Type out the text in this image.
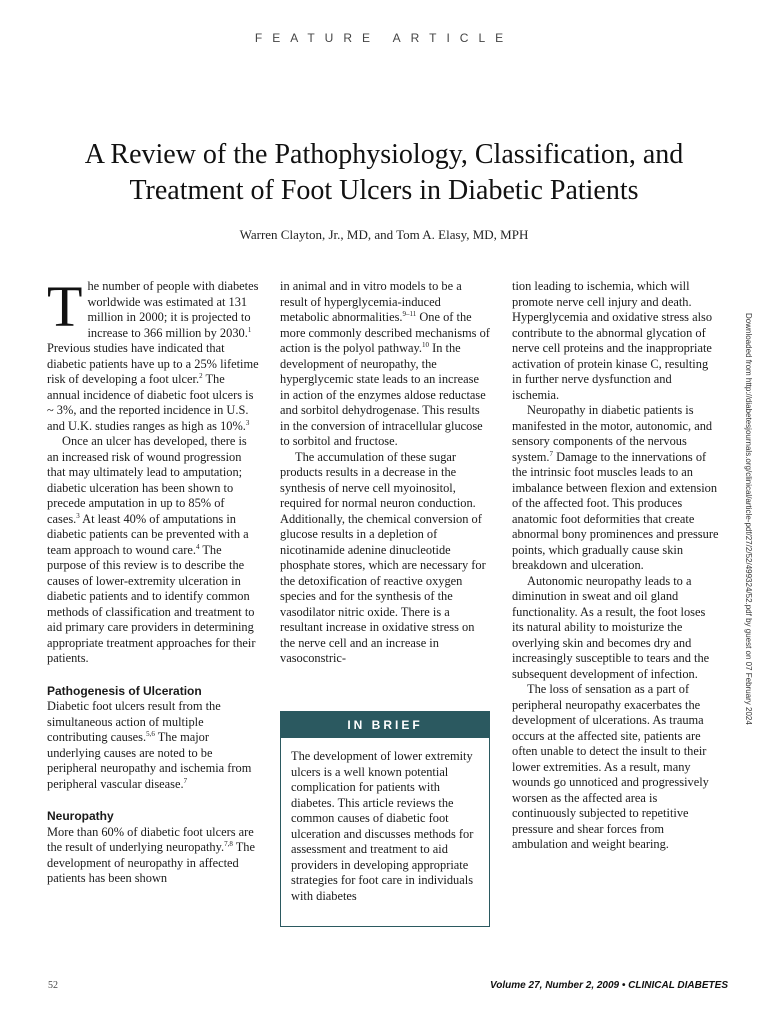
FEATURE ARTICLE
A Review of the Pathophysiology, Classification, and Treatment of Foot Ulcers in Diabetic Patients
Warren Clayton, Jr., MD, and Tom A. Elasy, MD, MPH

The number of people with diabetes worldwide was estimated at 131 million in 2000; it is projected to increase to 366 million by 2030.$^1$ Previous studies have indicated that diabetic patients have up to a 25% lifetime risk of developing a foot ulcer.$^2$ The annual incidence of diabetic foot ulcers is ~ 3%, and the reported incidence in U.S. and U.K. studies ranges as high as 10%.$^3$

Once an ulcer has developed, there is an increased risk of wound progression that may ultimately lead to amputation; diabetic ulceration has been shown to precede amputation in up to 85% of cases.$^3$ At least 40% of amputations in diabetic patients can be prevented with a team approach to wound care.$^4$ The purpose of this review is to describe the causes of lower-extremity ulceration in diabetic patients and to identify common methods of classification and treatment to aid primary care providers in determining appropriate treatment approaches for their patients.

Pathogenesis of Ulceration

Diabetic foot ulcers result from the simultaneous action of multiple contributing causes.$^{5,6}$ The major underlying causes are noted to be peripheral neuropathy and ischemia from peripheral vascular disease.$^7$

Neuropathy

More than 60% of diabetic foot ulcers are the result of underlying neuropathy.$^{7,8}$ The development of neuropathy in affected patients has been shown

in animal and in vitro models to be a result of hyperglycemia-induced metabolic abnormalities.$^{9-11}$ One of the more commonly described mechanisms of action is the polyol pathway.$^{10}$ In the development of neuropathy, the hyperglycemic state leads to an increase in action of the enzymes aldose reductase and sorbitol dehydrogenase. This results in the conversion of intracellular glucose to sorbitol and fructose.

The accumulation of these sugar products results in a decrease in the synthesis of nerve cell myoinositol, required for normal neuron conduction. Additionally, the chemical conversion of glucose results in a depletion of nicotinamide adenine dinucleotide phosphate stores, which are necessary for the detoxification of reactive oxygen species and for the synthesis of the vasodilator nitric oxide. There is a resultant increase in oxidative stress on the nerve cell and an increase in vasoconstric-

IN BRIEF
The development of lower extremity ulcers is a well known potential complication for patients with diabetes. This article reviews the common causes of diabetic foot ulceration and discusses methods for assessment and treatment to aid providers in developing appropriate strategies for foot care in individuals with diabetes

tion leading to ischemia, which will promote nerve cell injury and death. Hyperglycemia and oxidative stress also contribute to the abnormal glycation of nerve cell proteins and the inappropriate activation of protein kinase C, resulting in further nerve dysfunction and ischemia.

Neuropathy in diabetic patients is manifested in the motor, autonomic, and sensory components of the nervous system.$^7$ Damage to the innervations of the intrinsic foot muscles leads to an imbalance between flexion and extension of the affected foot. This produces anatomic foot deformities that create abnormal bony prominences and pressure points, which gradually cause skin breakdown and ulceration.

Autonomic neuropathy leads to a diminution in sweat and oil gland functionality. As a result, the foot loses its natural ability to moisturize the overlying skin and becomes dry and increasingly susceptible to tears and the subsequent development of infection.

The loss of sensation as a part of peripheral neuropathy exacerbates the development of ulcerations. As trauma occurs at the affected site, patients are often unable to detect the insult to their lower extremities. As a result, many wounds go unnoticed and progressively worsen as the affected area is continuously subjected to repetitive pressure and shear forces from ambulation and weight bearing.

Downloaded from http://diabetesjournals.org/clinical/article-pdf/27/2/52/499324/52.pdf by guest on 07 February 2024
52	Volume 27, Number 2, 2009 • CLINICAL DIABETES
